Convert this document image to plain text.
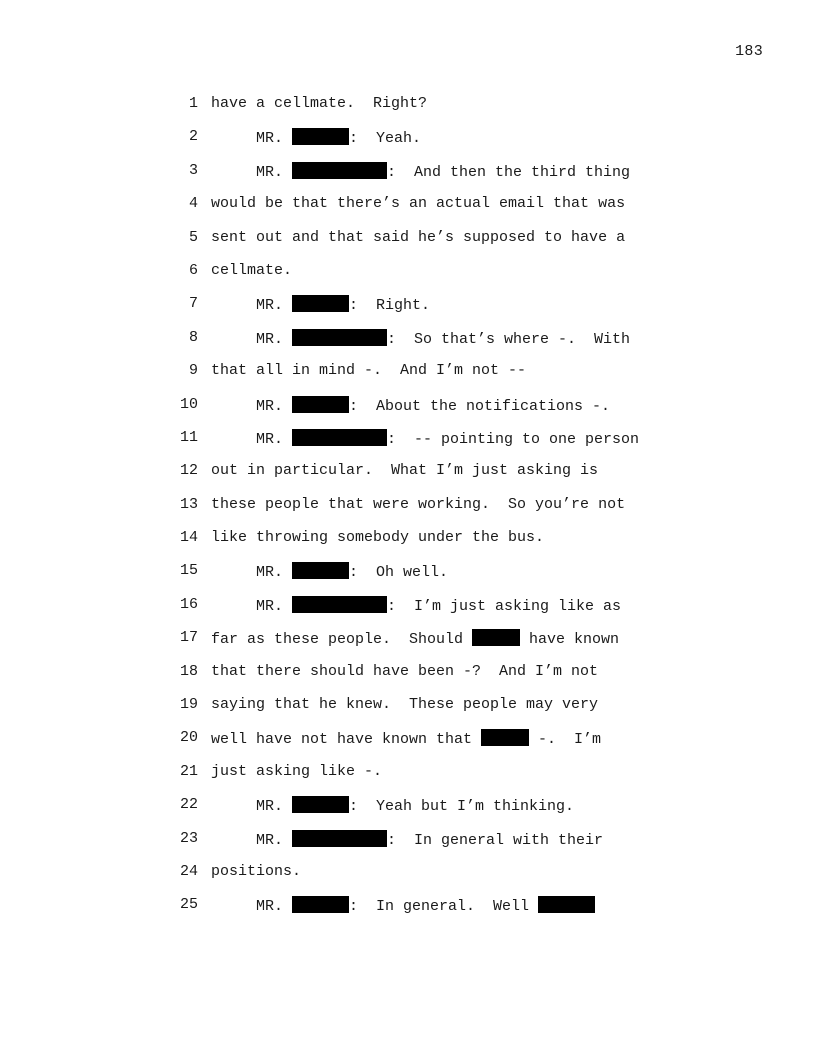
183
1 have a cellmate.  Right?
2 MR.	:  Yeah.
3 MR.	:  And then the third thing
4 would be that there’s an actual email that was
5 sent out and that said he’s supposed to have a
6 cellmate.
7 MR.	:  Right.
8 MR.	:  So that’s where -.  With
9 that all in mind -.  And I’m not --
10 MR.	:  About the notifications -.
11 MR.	:  -- pointing to one person
12 out in particular.  What I’m just asking is
13 these people that were working.  So you’re not
14 like throwing somebody under the bus.
15 MR.	:  Oh well.
16 MR.	:  I’m just asking like as
17 far as these people.  Should	have known
18 that there should have been -?  And I’m not
19 saying that he knew.  These people may very
20 well have not have known that	-.  I’m
21 just asking like -.
22 MR.	:  Yeah but I’m thinking.
23 MR.	:  In general with their
24 positions.
25 MR.	:  In general.  Well
